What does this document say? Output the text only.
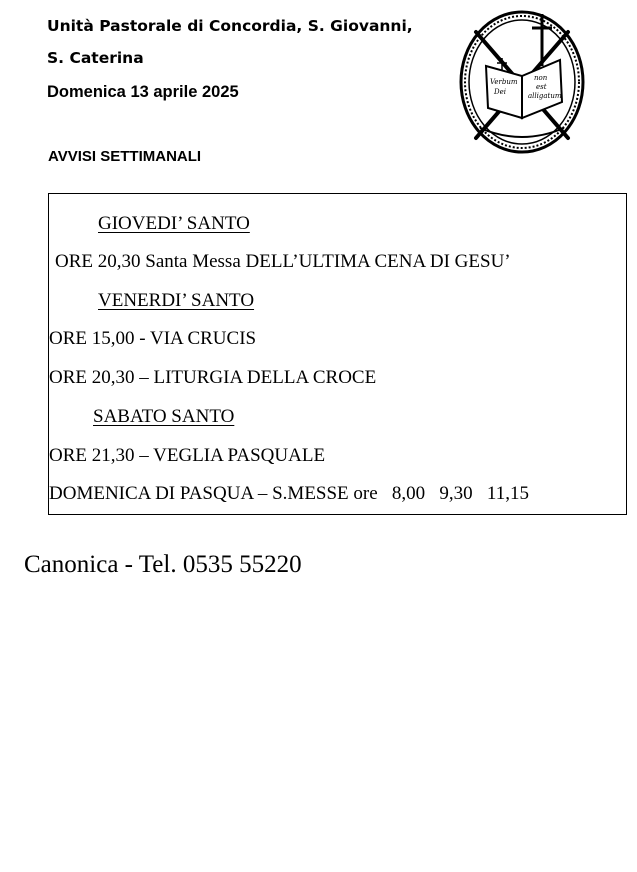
Unità Pastorale di Concordia, S. Giovanni,

S. Caterina

Domenica 13 aprile 2025

AVVISI SETTIMANALI
Verbum
Dei
non
est
alligatum

GIOVEDI’ SANTO

ORE 20,30 Santa Messa DELL’ULTIMA CENA DI GESU’

VENERDI’ SANTO

ORE 15,00 - VIA CRUCIS

ORE 20,30 – LITURGIA DELLA CROCE

SABATO SANTO

ORE 21,30 – VEGLIA PASQUALE

DOMENICA DI PASQUA – S.MESSE ore   8,00   9,30   11,15

Canonica - Tel. 0535 55220
